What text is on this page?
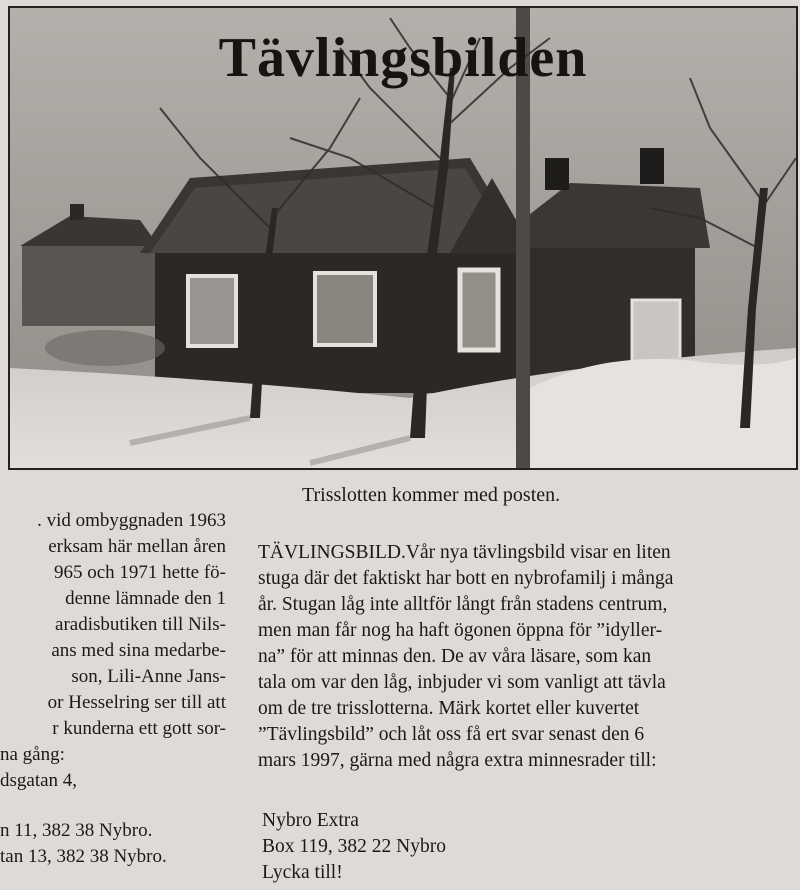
Tävlingsbilden
Trisslotten kommer med posten.

. vid ombyggnaden 1963
erksam här mellan åren
965 och 1971 hette fö-
denne lämnade den 1
aradisbutiken till Nils-
ans med sina medarbe-
son, Lili-Anne Jans-
or Hesselring ser till att
r kunderna ett gott sor-
na gång:
dsgatan 4,
n 11, 382 38 Nybro.
tan 13, 382 38 Nybro.
TÄVLINGSBILD.Vår nya tävlingsbild visar en liten
stuga där det faktiskt har bott en nybrofamilj i många
år. Stugan låg inte alltför långt från stadens centrum,
men man får nog ha haft ögonen öppna för ”idyller-
na” för att minnas den. De av våra läsare, som kan
tala om var den låg, inbjuder vi som vanligt att tävla
om de tre trisslotterna. Märk kortet eller kuvertet
”Tävlingsbild” och låt oss få ert svar senast den 6
mars 1997, gärna med några extra minnesrader till:
Nybro Extra
Box 119, 382 22 Nybro
Lycka till!
